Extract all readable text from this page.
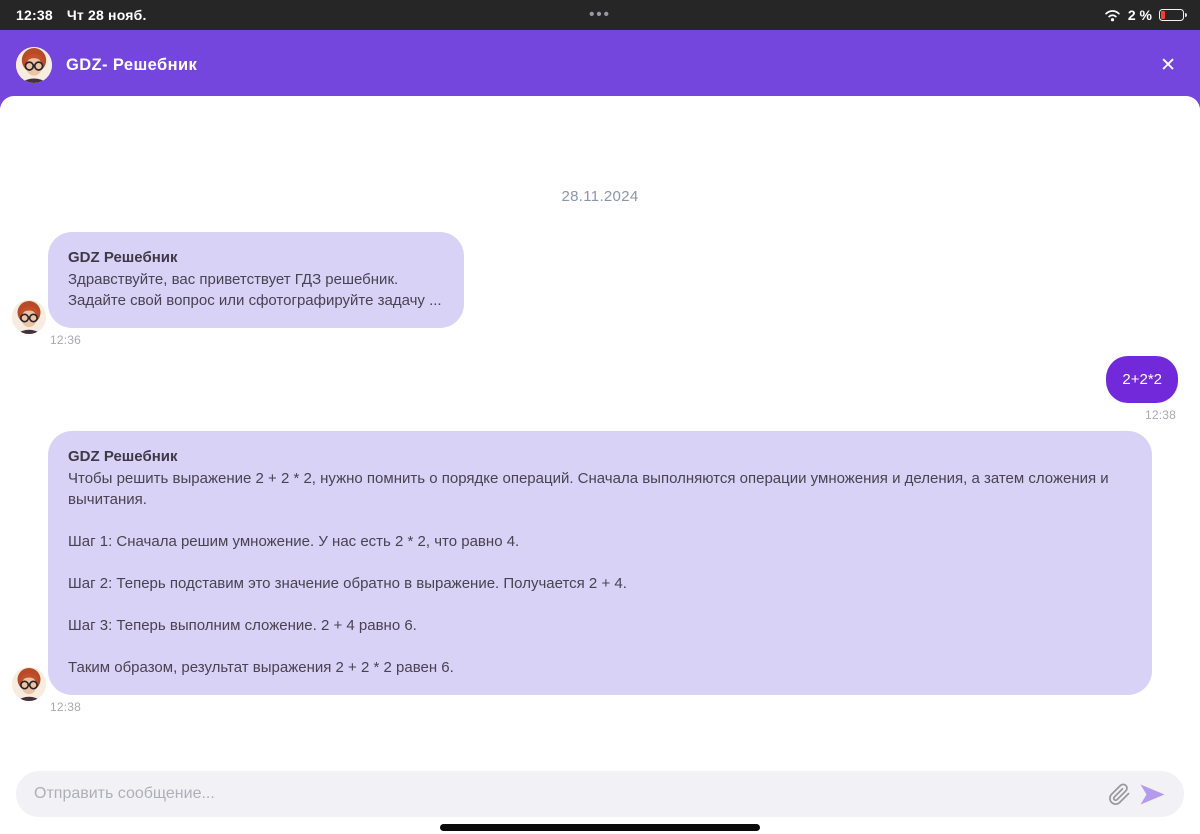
12:38 Чт 28 нояб.	•••	2 %
GDZ- Решебник	✕
28.11.2024
GDZ Решебник
Здравствуйте, вас приветствует ГДЗ решебник.
Задайте свой вопрос или сфотографируйте задачу ...
12:36
2+2*2
12:38
GDZ Решебник

Чтобы решить выражение 2 + 2 * 2, нужно помнить о порядке операций. Сначала выполняются операции умножения и деления, а затем сложения и вычитания.

Шаг 1: Сначала решим умножение. У нас есть 2 * 2, что равно 4.

Шаг 2: Теперь подставим это значение обратно в выражение. Получается 2 + 4.

Шаг 3: Теперь выполним сложение. 2 + 4 равно 6.

Таким образом, результат выражения 2 + 2 * 2 равен 6.

12:38
Отправить сообщение...
